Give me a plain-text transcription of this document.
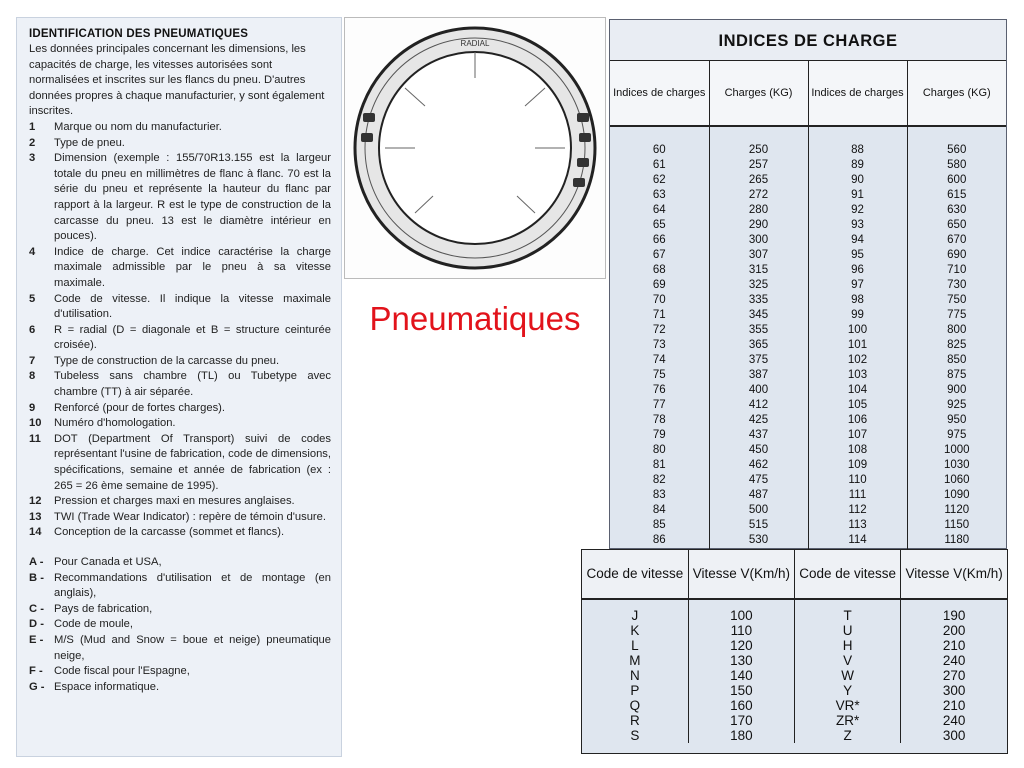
IDENTIFICATION DES PNEUMATIQUES
Les données principales concernant les dimensions, les capacités de charge, les vitesses autorisées sont normalisées et inscrites sur les flancs du pneu. D'autres données propres à chaque manufacturier, y sont également inscrites.
1	Marque ou nom du manufacturier.
2	Type de pneu.
3	Dimension (exemple : 155/70R13.155 est la largeur totale du pneu en millimètres de flanc à flanc. 70 est la série du pneu et représente la hauteur du flanc par rapport à la largeur. R est le type de construction de la carcasse du pneu. 13 est le diamètre intérieur en pouces).
4	Indice de charge. Cet indice caractérise la charge maximale admissible par le pneu à sa vitesse maximale.
5	Code de vitesse. Il indique la vitesse maximale d'utilisation.
6	R = radial (D = diagonale et B = structure ceinturée croisée).
7	Type de construction de la carcasse du pneu.
8	Tubeless sans chambre (TL) ou Tubetype avec chambre (TT) à air séparée.
9	Renforcé (pour de fortes charges).
10	Numéro d'homologation.
11	DOT (Department Of Transport) suivi de codes représentant l'usine de fabrication, code de dimensions, spécifications, semaine et année de fabrication (ex : 265 = 26 ème semaine de 1995).
12	Pression et charges maxi en mesures anglaises.
13	TWI (Trade Wear Indicator) : repère de témoin d'usure.
14	Conception de la carcasse (sommet et flancs).
A - Pour Canada et USA,
B - Recommandations d'utilisation et de montage (en anglais),
C - Pays de fabrication,
D - Code de moule,
E - M/S (Mud and Snow = boue et neige) pneumatique neige,
F -	Code fiscal pour l'Espagne,
G - Espace informatique.
RADIAL
Pneumatiques
INDICES DE CHARGE
Indices de charges	Charges (KG)	Indices de charges	Charges (KG)
60	250	88	560
61	257	89	580
62	265	90	600
63	272	91	615
64	280	92	630
65	290	93	650
66	300	94	670
67	307	95	690
68	315	96	710
69	325	97	730
70	335	98	750
71	345	99	775
72	355	100	800
73	365	101	825
74	375	102	850
75	387	103	875
76	400	104	900
77	412	105	925
78	425	106	950
79	437	107	975
80	450	108	1000
81	462	109	1030
82	475	110	1060
83	487	111	1090
84	500	112	1120
85	515	113	1150
86	530	114	1180

Code de vitesse	Vitesse V(Km/h)	Code de vitesse	Vitesse V(Km/h)
J	100	T	190
K	110	U	200
L	120	H	210
M	130	V	240
N	140	W	270
P	150	Y	300
Q	160	VR*	210
R	170	ZR*	240
S	180	Z	300
